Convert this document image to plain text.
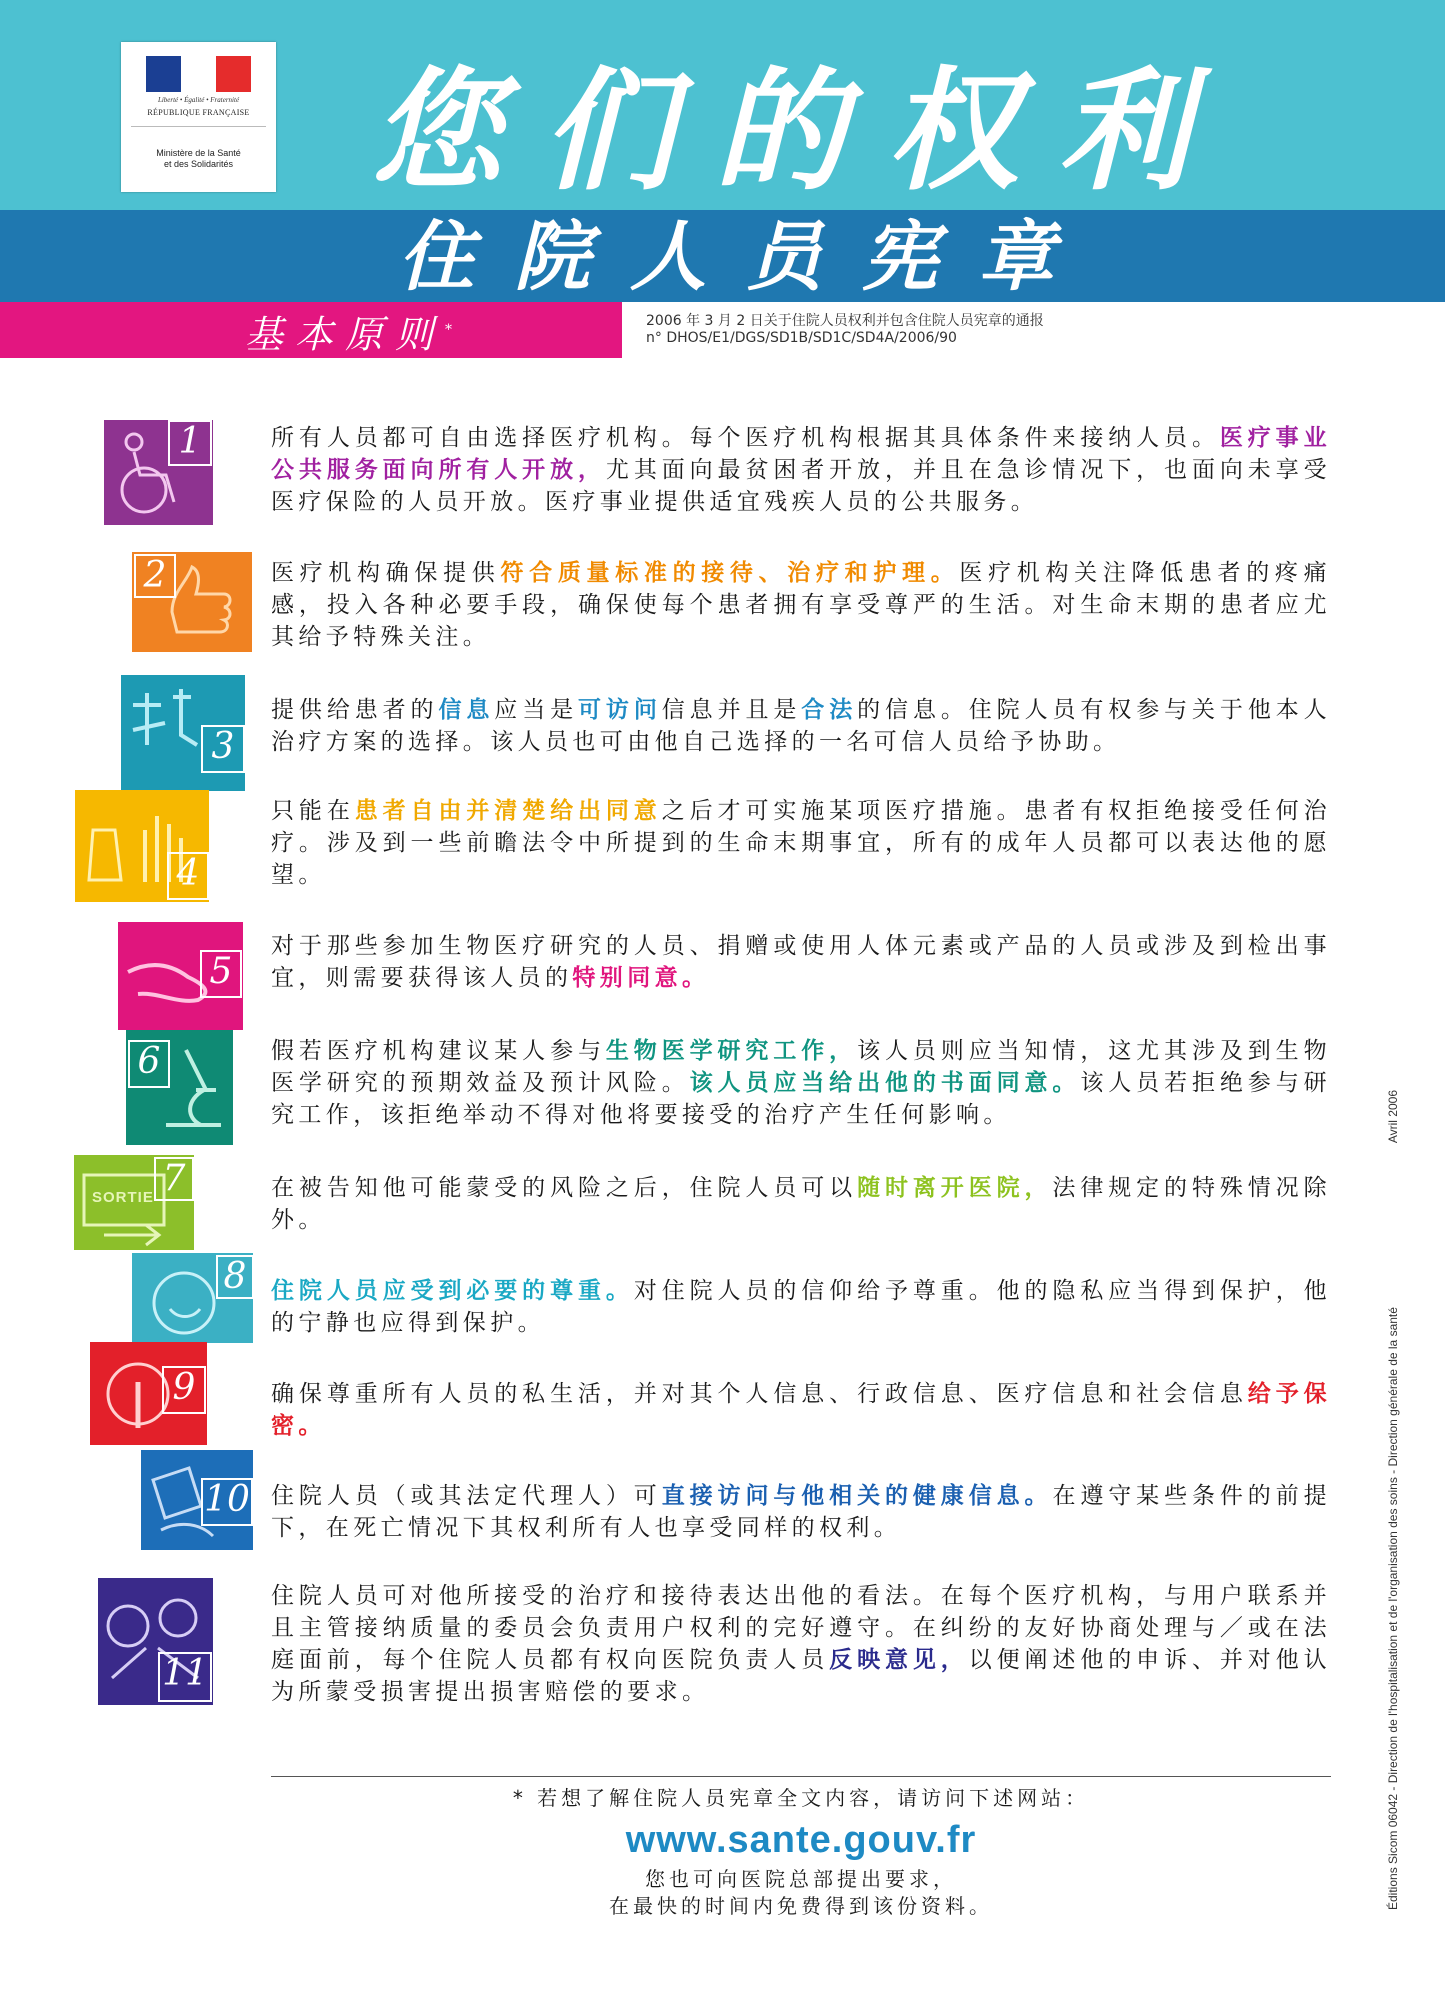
Liberté • Égalité • Fraternité
RÉPUBLIQUE FRANÇAISE
Ministère de la Santé
et des Solidarités 您们的权利
住院人员宪章
基本原则*
2006 年 3 月 2 日关于住院人员权利并包含住院人员宪章的通报
n° DHOS/E1/DGS/SD1B/SD1C/SD4A/2006/90
1	所有人员都可自由选择医疗机构。每个医疗机构根据其具体条件来接纳人员。医疗事业公共服务面向所有人开放，尤其面向最贫困者开放，并且在急诊情况下，也面向未享受医疗保险的人员开放。医疗事业提供适宜残疾人员的公共服务。
2	医疗机构确保提供符合质量标准的接待、治疗和护理。医疗机构关注降低患者的疼痛感，投入各种必要手段，确保使每个患者拥有享受尊严的生活。对生命末期的患者应尤其给予特殊关注。
3
提供给患者的信息应当是可访问信息并且是合法的信息。住院人员有权参与关于他本人治疗方案的选择。该人员也可由他自己选择的一名可信人员给予协助。
4
只能在患者自由并清楚给出同意之后才可实施某项医疗措施。患者有权拒绝接受任何治疗。涉及到一些前瞻法令中所提到的生命末期事宜，所有的成年人员都可以表达他的愿望。
5
对于那些参加生物医疗研究的人员、捐赠或使用人体元素或产品的人员或涉及到检出事宜，则需要获得该人员的特别同意。
6	假若医疗机构建议某人参与生物医学研究工作，该人员则应当知情，这尤其涉及到生物医学研究的预期效益及预计风险。该人员应当给出他的书面同意。该人员若拒绝参与研究工作，该拒绝举动不得对他将要接受的治疗产生任何影响。
SORTIE 7	在被告知他可能蒙受的风险之后，住院人员可以随时离开医院，法律规定的特殊情况除外。
8	住院人员应受到必要的尊重。对住院人员的信仰给予尊重。他的隐私应当得到保护，他的宁静也应得到保护。
9	确保尊重所有人员的私生活，并对其个人信息、行政信息、医疗信息和社会信息给予保密。
10 住院人员（或其法定代理人）可直接访问与他相关的健康信息。在遵守某些条件的前提下，在死亡情况下其权利所有人也享受同样的权利。
11
住院人员可对他所接受的治疗和接待表达出他的看法。在每个医疗机构，与用户联系并且主管接纳质量的委员会负责用户权利的完好遵守。在纠纷的友好协商处理与／或在法庭面前，每个住院人员都有权向医院负责人员反映意见，以便阐述他的申诉、并对他认为所蒙受损害提出损害赔偿的要求。
* 若想了解住院人员宪章全文内容，请访问下述网站：
www.sante.gouv.fr
您也可向医院总部提出要求，
在最快的时间内免费得到该份资料。	Éditions Sicom 06042 - Direction de l'hospitalisation et de l'organisation des soins - Direction générale de la santé
Avril 2006
